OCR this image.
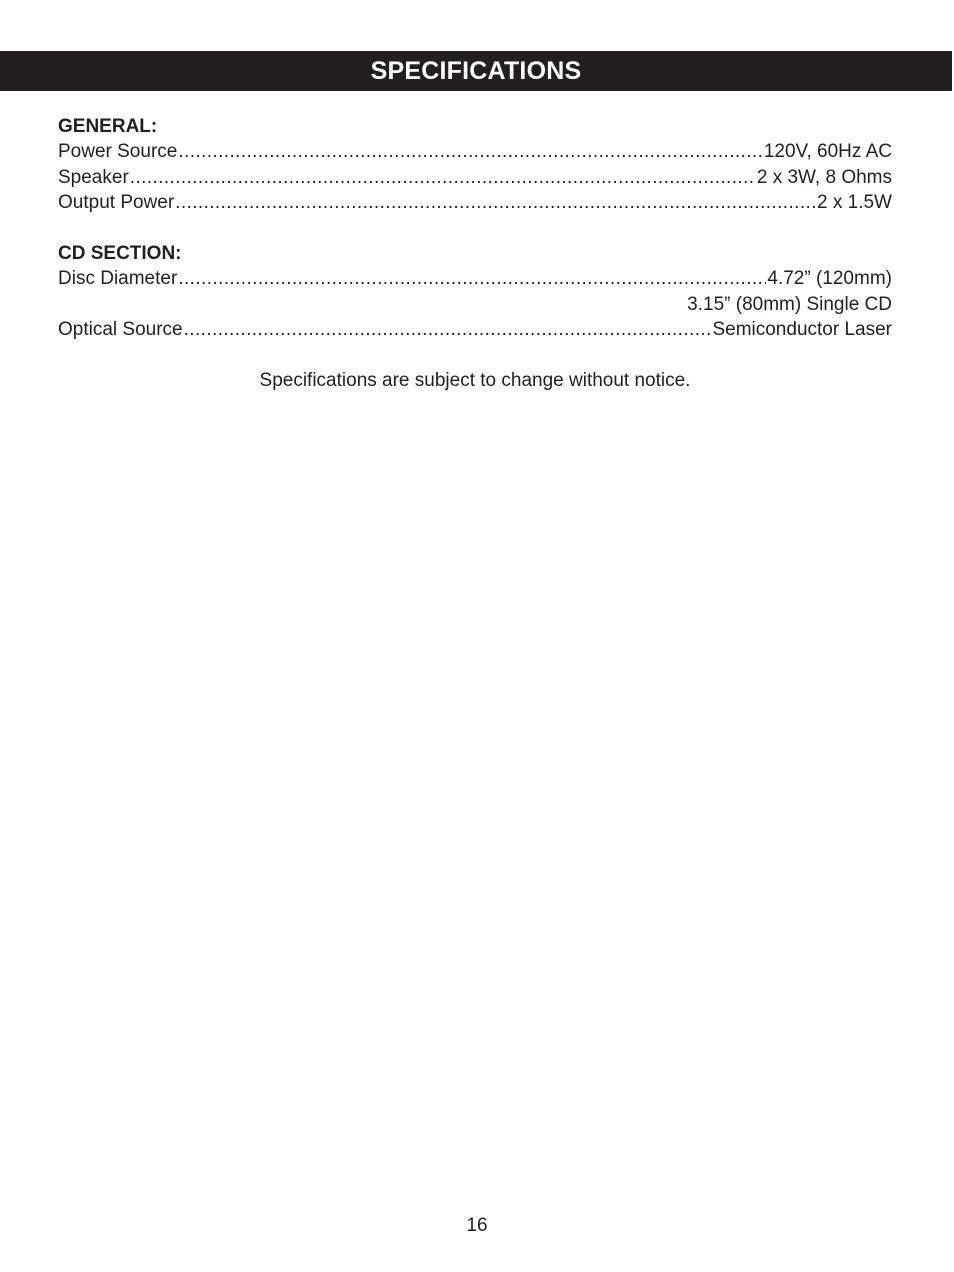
SPECIFICATIONS
GENERAL:
Power Source .....	120V, 60Hz AC
Speaker .....	2 x 3W, 8 Ohms
Output Power .....	2 x 1.5W
CD SECTION:
Disc Diameter .....	4.72” (120mm)
3.15” (80mm) Single CD
Optical Source .....	Semiconductor Laser
Specifications are subject to change without notice.
16
